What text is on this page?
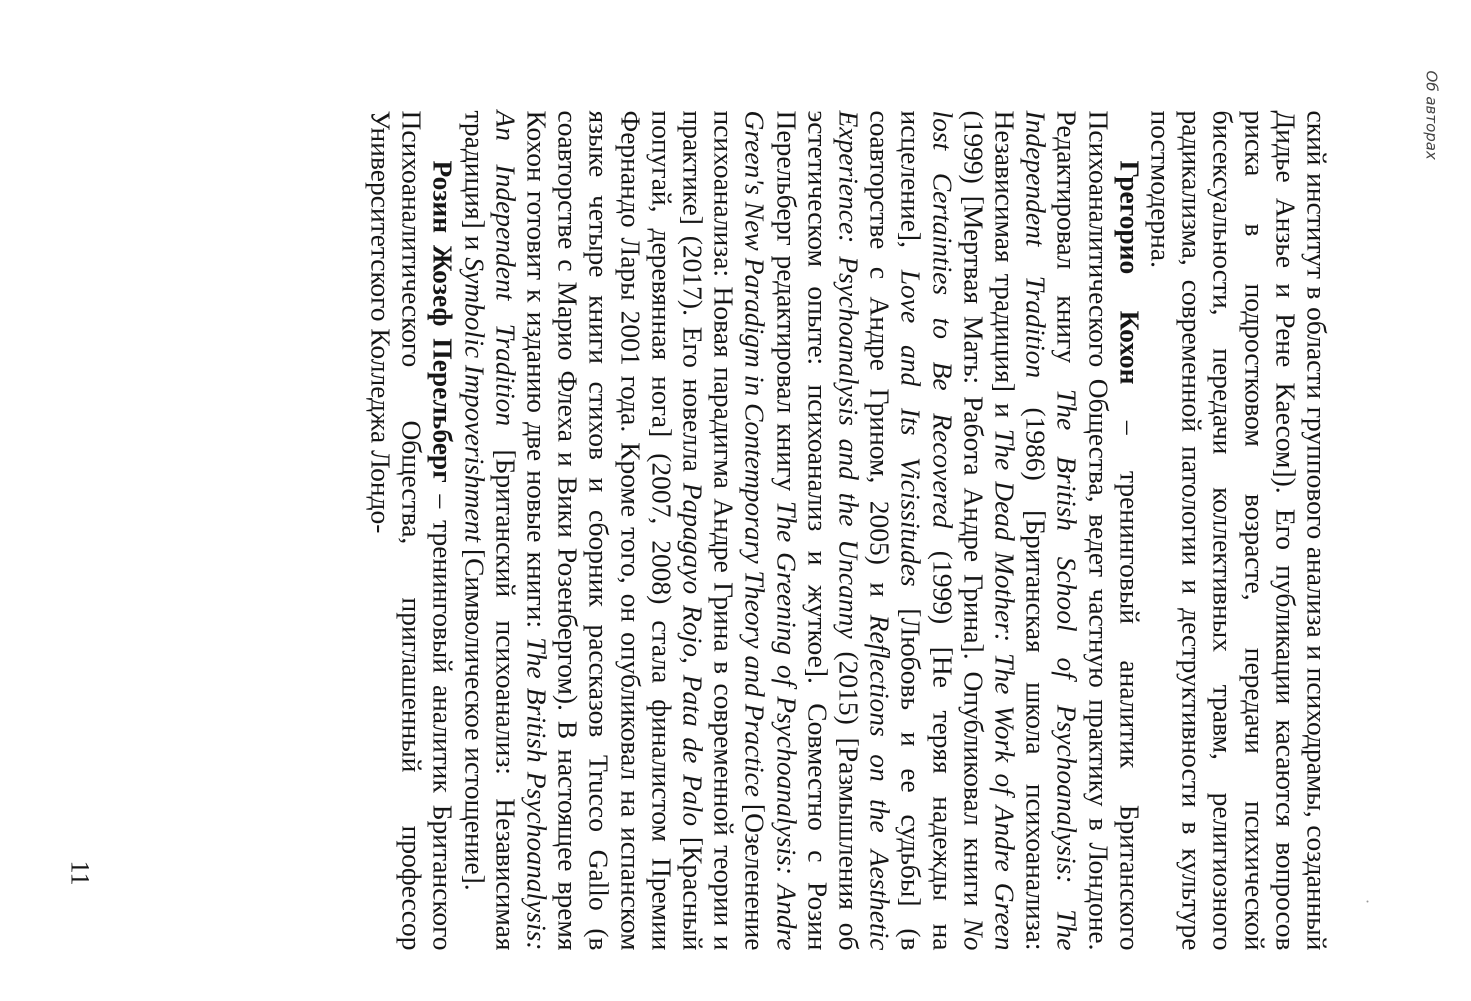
Об авторах

ский институт в области группового анализа и психодрамы, созданный Дидье Анзье и Рене Каесом]). Его публикации касаются вопросов риска в подростковом возрасте, передачи психической бисексуальности, передачи коллективных травм, религиозного радикализма, современной патологии и деструктивности в культуре постмодерна.

Грегорио Кохон – тренинговый аналитик Британского Психоаналитического Общества, ведет частную практику в Лондоне. Редактировал книгу The British School of Psychoanalysis: The Independent Tradition (1986) [Британская школа психоанализа: Независимая традиция] и The Dead Mother: The Work of Andre Green (1999) [Мертвая Мать: Работа Андре Грина]. Опубликовал книги No lost Certainties to Be Recovered (1999) [Не теряя надежды на исцеление], Love and Its Vicissitudes [Любовь и ее судьбы] (в соавторстве с Андре Грином, 2005) и Reflections on the Aesthetic Experience: Psychoanalysis and the Uncanny (2015) [Размышления об эстетическом опыте: психоанализ и жуткое]. Совместно с Розин Перельберг редактировал книгу The Greening of Psychoanalysis: Andre Green's New Paradigm in Contemporary Theory and Practice [Озеленение психоанализа: Новая парадигма Андре Грина в современной теории и практике] (2017). Его новелла Papagayo Rojo, Pata de Palo [Красный попугай, деревянная нога] (2007, 2008) стала финалистом Премии Фернандо Лары 2001 года. Кроме того, он опубликовал на испанском языке четыре книги стихов и сборник рассказов Trucco Gallo (в соавторстве с Марио Флеха и Вики Розенбергом). В настоящее время Кохон готовит к изданию две новые книги: The British Psychoanalysis: An Independent Tradition [Британский психоанализ: Независимая традиция] и Symbolic Impoverishment [Символическое истощение].

Розин Жозеф Перельберг – тренинговый аналитик Британского Психоаналитического Общества, приглашенный профессор Университетского Колледжа Лондо-

11
